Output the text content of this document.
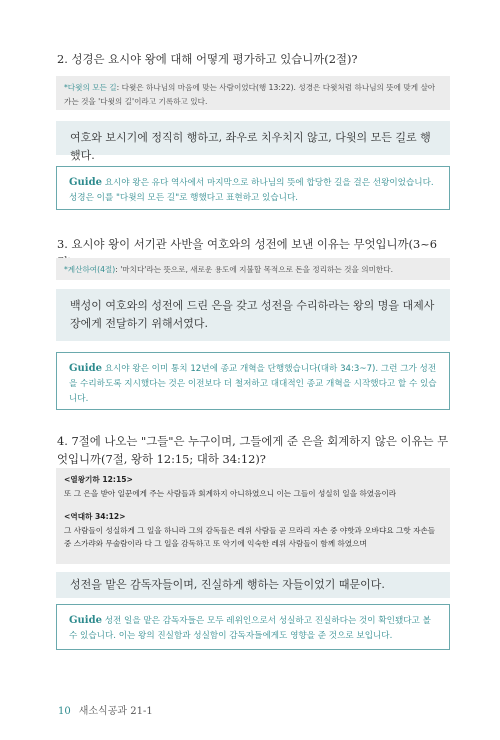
2. 성경은 요시야 왕에 대해 어떻게 평가하고 있습니까(2절)?
*다윗의 모든 길: 다윗은 하나님의 마음에 맞는 사람이었다(행 13:22). 성경은 다윗처럼 하나님의 뜻에 맞게 살아가는 것을 '다윗의 길'이라고 기록하고 있다.
여호와 보시기에 정직히 행하고, 좌우로 치우치지 않고, 다윗의 모든 길로 행했다.
Guide 요시야 왕은 유다 역사에서 마지막으로 하나님의 뜻에 합당한 길을 걸은 선왕이었습니다. 성경은 이를 "다윗의 모든 길"로 행했다고 표현하고 있습니다.
3. 요시야 왕이 서기관 사반을 여호와의 성전에 보낸 이유는 무엇입니까(3~6
*계산하여(4절): '마치다'라는 뜻으로, 새로운 용도에 지불할 목적으로 돈을 정리하는 것을 의미한다.
백성이 여호와의 성전에 드린 은을 갖고 성전을 수리하라는 왕의 명을 대제사장에게 전달하기 위해서였다.
Guide 요시야 왕은 이미 통치 12년에 종교 개혁을 단행했습니다(대하 34:3~7). 그런 그가 성전을 수리하도록 지시했다는 것은 이전보다 더 철저하고 대대적인 종교 개혁을 시작했다고 할 수 있습니다.
4. 7절에 나오는 "그들"은 누구이며, 그들에게 준 은을 회계하지 않은 이유는 무엇입니까(7절, 왕하 12:15; 대하 34:12)?
<열왕기하 12:15>
또 그 은을 받아 일꾼에게 주는 사람들과 회계하지 아니하였으니 이는 그들이 성실히 일을 하였음이라
<역대하 34:12>
그 사람들이 성실하게 그 일을 하니라 그의 감독들은 레위 사람들 곧 므라리 자손 중 야핫과 오바댜요 그핫 자손들 중 스가랴와 무술람이라 다 그 일을 감독하고 또 악기에 익숙한 레위 사람들이 함께 하였으며
성전을 맡은 감독자들이며, 진실하게 행하는 자들이었기 때문이다.
Guide 성전 일을 맡은 감독자들은 모두 레위인으로서 성실하고 진실하다는 것이 확인됐다고 볼 수 있습니다. 이는 왕의 진실함과 성실함이 감독자들에게도 영향을 준 것으로 보입니다.
10 새소식공과 21-1
